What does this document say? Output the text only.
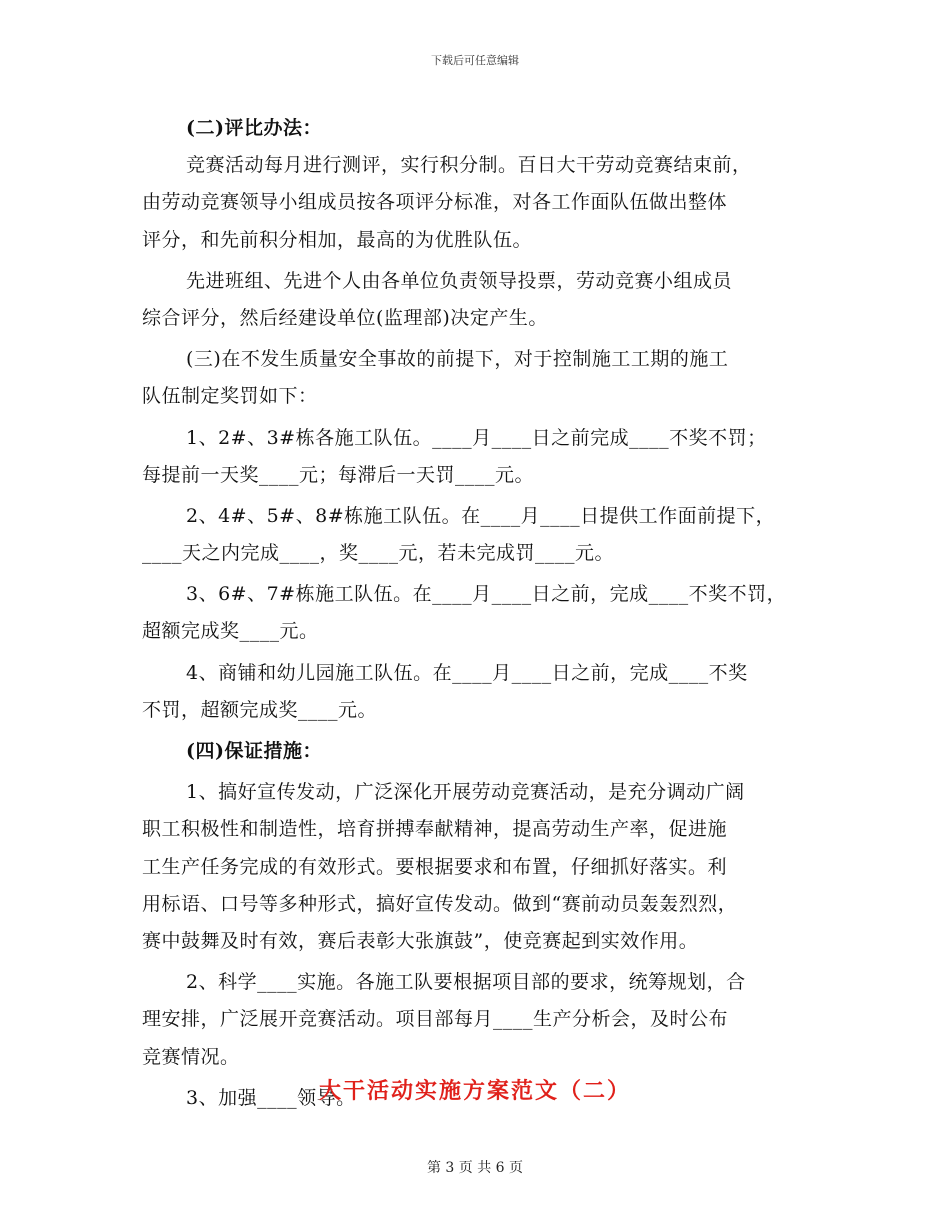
下载后可任意编辑
(二)评比办法：
竞赛活动每月进行测评，实行积分制。百日大干劳动竞赛结束前，
由劳动竞赛领导小组成员按各项评分标准，对各工作面队伍做出整体
评分，和先前积分相加，最高的为优胜队伍。
先进班组、先进个人由各单位负责领导投票，劳动竞赛小组成员
综合评分，然后经建设单位(监理部)决定产生。
(三)在不发生质量安全事故的前提下，对于控制施工工期的施工
队伍制定奖罚如下：
1、2#、3#栋各施工队伍。____月____日之前完成____不奖不罚；
每提前一天奖____元；每滞后一天罚____元。
2、4#、5#、8#栋施工队伍。在____月____日提供工作面前提下，
____天之内完成____，奖____元，若未完成罚____元。
3、6#、7#栋施工队伍。在____月____日之前，完成____不奖不罚，
超额完成奖____元。
4、商铺和幼儿园施工队伍。在____月____日之前，完成____不奖
不罚，超额完成奖____元。
(四)保证措施：
1、搞好宣传发动，广泛深化开展劳动竞赛活动，是充分调动广阔
职工积极性和制造性，培育拼搏奉献精神，提高劳动生产率，促进施
工生产任务完成的有效形式。要根据要求和布置，仔细抓好落实。利
用标语、口号等多种形式，搞好宣传发动。做到“赛前动员轰轰烈烈，
赛中鼓舞及时有效，赛后表彰大张旗鼓”，使竞赛起到实效作用。
2、科学____实施。各施工队要根据项目部的要求，统筹规划，合
理安排，广泛展开竞赛活动。项目部每月____生产分析会，及时公布
竞赛情况。
3、加强____领导。
大干活动实施方案范文（二）
第 3 页 共 6 页
